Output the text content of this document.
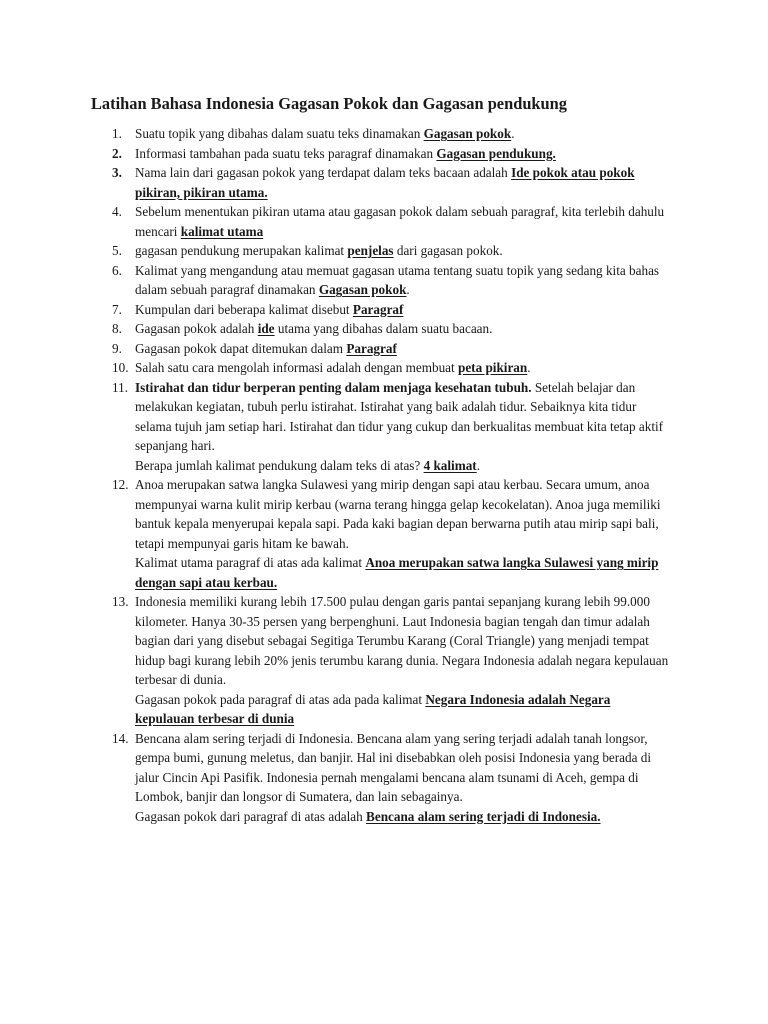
Latihan Bahasa Indonesia Gagasan Pokok dan Gagasan pendukung
1. Suatu topik yang dibahas dalam suatu teks dinamakan Gagasan pokok.
2. Informasi tambahan pada suatu teks paragraf dinamakan Gagasan pendukung.
3. Nama lain dari gagasan pokok yang terdapat dalam teks bacaan adalah Ide pokok atau pokok pikiran, pikiran utama.
4. Sebelum menentukan pikiran utama atau gagasan pokok dalam sebuah paragraf, kita terlebih dahulu mencari kalimat utama
5. gagasan pendukung merupakan kalimat penjelas dari gagasan pokok.
6. Kalimat yang mengandung atau memuat gagasan utama tentang suatu topik yang sedang kita bahas dalam sebuah paragraf dinamakan Gagasan pokok.
7. Kumpulan dari beberapa kalimat disebut Paragraf
8. Gagasan pokok adalah ide utama yang dibahas dalam suatu bacaan.
9. Gagasan pokok dapat ditemukan dalam Paragraf
10. Salah satu cara mengolah informasi adalah dengan membuat peta pikiran.
11. Istirahat dan tidur berperan penting dalam menjaga kesehatan tubuh. Setelah belajar dan melakukan kegiatan, tubuh perlu istirahat. Istirahat yang baik adalah tidur. Sebaiknya kita tidur selama tujuh jam setiap hari. Istirahat dan tidur yang cukup dan berkualitas membuat kita tetap aktif sepanjang hari.

Berapa jumlah kalimat pendukung dalam teks di atas? 4 kalimat.

12. Anoa merupakan satwa langka Sulawesi yang mirip dengan sapi atau kerbau. Secara umum, anoa mempunyai warna kulit mirip kerbau (warna terang hingga gelap kecokelatan). Anoa juga memiliki bantuk kepala menyerupai kepala sapi. Pada kaki bagian depan berwarna putih atau mirip sapi bali, tetapi mempunyai garis hitam ke bawah.

Kalimat utama paragraf di atas ada kalimat Anoa merupakan satwa langka Sulawesi yang mirip dengan sapi atau kerbau.

13. Indonesia memiliki kurang lebih 17.500 pulau dengan garis pantai sepanjang kurang lebih 99.000 kilometer. Hanya 30-35 persen yang berpenghuni. Laut Indonesia bagian tengah dan timur adalah bagian dari yang disebut sebagai Segitiga Terumbu Karang (Coral Triangle) yang menjadi tempat hidup bagi kurang lebih 20% jenis terumbu karang dunia. Negara Indonesia adalah negara kepulauan terbesar di dunia.

Gagasan pokok pada paragraf di atas ada pada kalimat Negara Indonesia adalah Negara kepulauan terbesar di dunia

14. Bencana alam sering terjadi di Indonesia. Bencana alam yang sering terjadi adalah tanah longsor, gempa bumi, gunung meletus, dan banjir. Hal ini disebabkan oleh posisi Indonesia yang berada di jalur Cincin Api Pasifik. Indonesia pernah mengalami bencana alam tsunami di Aceh, gempa di Lombok, banjir dan longsor di Sumatera, dan lain sebagainya.

Gagasan pokok dari paragraf di atas adalah Bencana alam sering terjadi di Indonesia.
